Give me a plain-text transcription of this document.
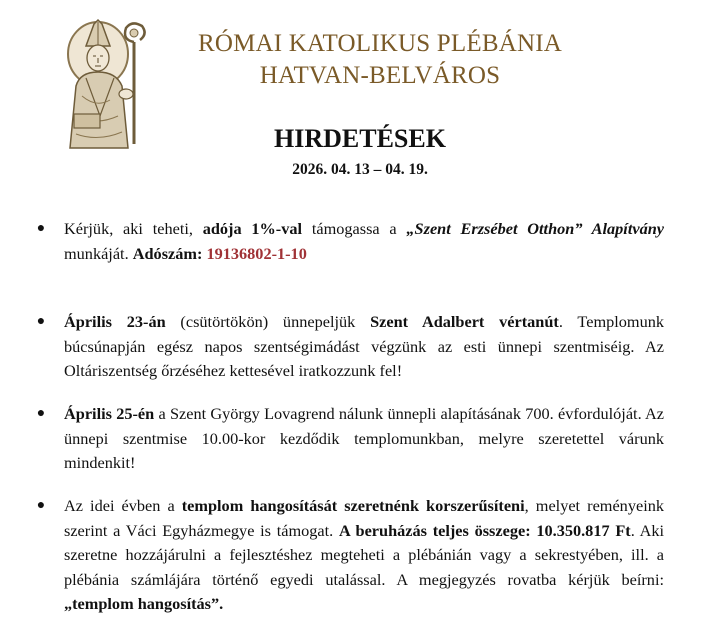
RÓMAI KATOLIKUS PLÉBÁNIA
HATVAN-BELVÁROS
HIRDETÉSEK
2026. 04. 13 – 04. 19.
● Kérjük, aki teheti, adója 1%-val támogassa a „Szent Erzsébet Otthon” Alapítvány munkáját. Adószám: 19136802-1-10
● Április 23-án (csütörtökön) ünnepeljük Szent Adalbert vértanút. Templomunk búcsúnapján egész napos szentségimádást végzünk az esti ünnepi szentmiséig. Az Oltáriszentség őrzéséhez kettesével iratkozzunk fel!
● Április 25-én a Szent György Lovagrend nálunk ünnepli alapításának 700. évfordulóját. Az ünnepi szentmise 10.00-kor kezdődik templomunkban, melyre szeretettel várunk mindenkit!
● Az idei évben a templom hangosítását szeretnénk korszerűsíteni, melyet reményeink szerint a Váci Egyházmegye is támogat. A beruházás teljes összege: 10.350.817 Ft. Aki szeretne hozzájárulni a fejlesztéshez megteheti a plébánián vagy a sekrestyében, ill. a plébánia számlájára történő egyedi utalással. A megjegyzés rovatba kérjük beírni: „templom hangosítás”.
